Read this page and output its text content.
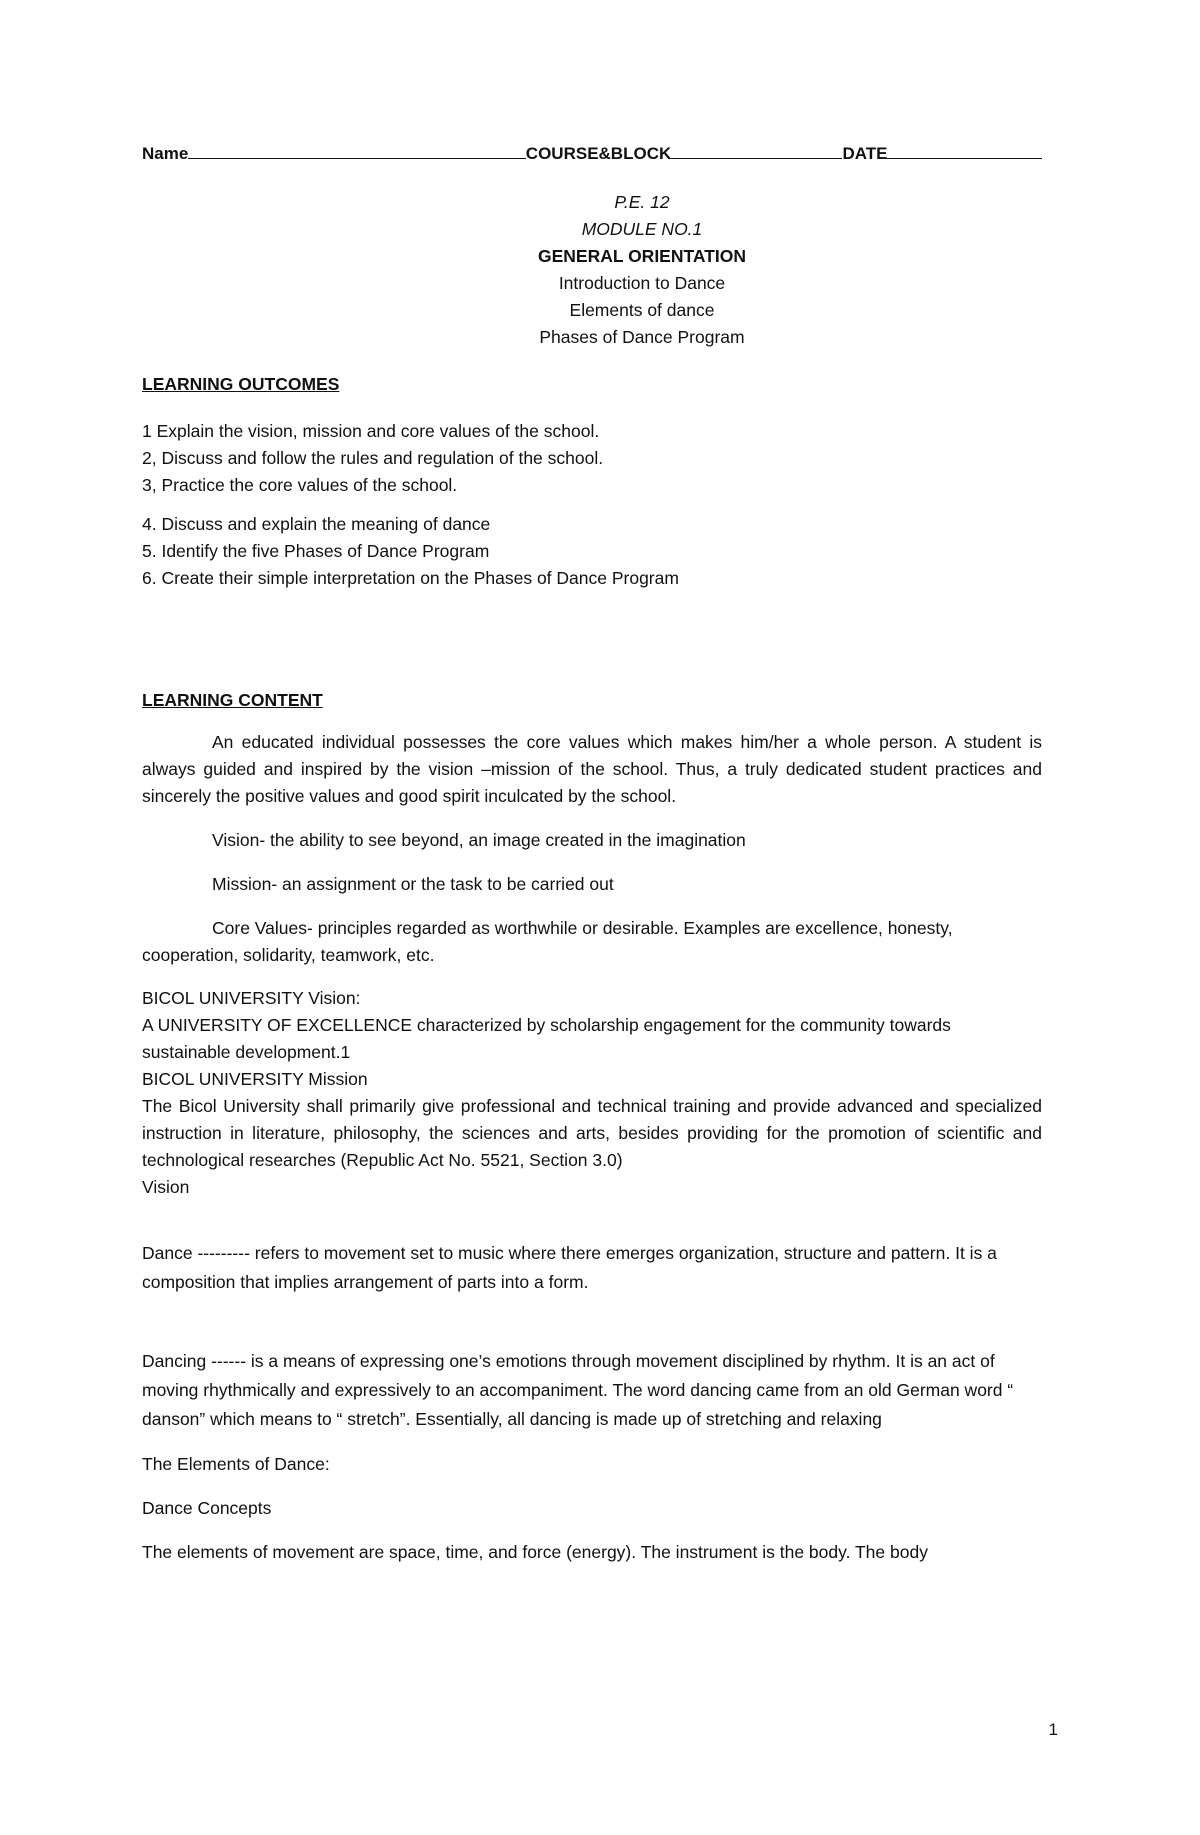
Name	COURSE&BLOCK	DATE

P.E. 12

MODULE NO.1

GENERAL ORIENTATION

Introduction to Dance

Elements of dance

Phases of Dance Program

LEARNING OUTCOMES

1 Explain the vision, mission and core values of the school.
2, Discuss and follow the rules and regulation of the school.
3, Practice the core values of the school.
4. Discuss and explain the meaning of dance
5. Identify the five Phases of Dance Program
6. Create their simple interpretation on the Phases of Dance Program

LEARNING CONTENT

An educated individual possesses the core values which makes him/her a whole person. A student is always guided and inspired by the vision –mission of the school. Thus, a truly dedicated student practices and sincerely the positive values and good spirit inculcated by the school.

Vision- the ability to see beyond, an image created in the imagination

Mission- an assignment or the task to be carried out

Core Values- principles regarded as worthwhile or desirable. Examples are excellence, honesty, cooperation, solidarity, teamwork, etc.

BICOL UNIVERSITY Vision:

A UNIVERSITY OF EXCELLENCE characterized by scholarship engagement for the community towards sustainable development.1

BICOL UNIVERSITY Mission

The Bicol University shall primarily give professional and technical training and provide advanced and specialized instruction in literature, philosophy, the sciences and arts, besides providing for the promotion of scientific and technological researches (Republic Act No. 5521, Section 3.0)

Vision

Dance --------- refers to movement set to music where there emerges organization, structure and pattern. It is a composition that implies arrangement of parts into a form.

Dancing ------ is a means of expressing one’s emotions through movement disciplined by rhythm. It is an act of moving rhythmically and expressively to an accompaniment. The word dancing came from an old German word “ danson” which means to “ stretch”. Essentially, all dancing is made up of stretching and relaxing

The Elements of Dance:

Dance Concepts

The elements of movement are space, time, and force (energy). The instrument is the body. The body

1
